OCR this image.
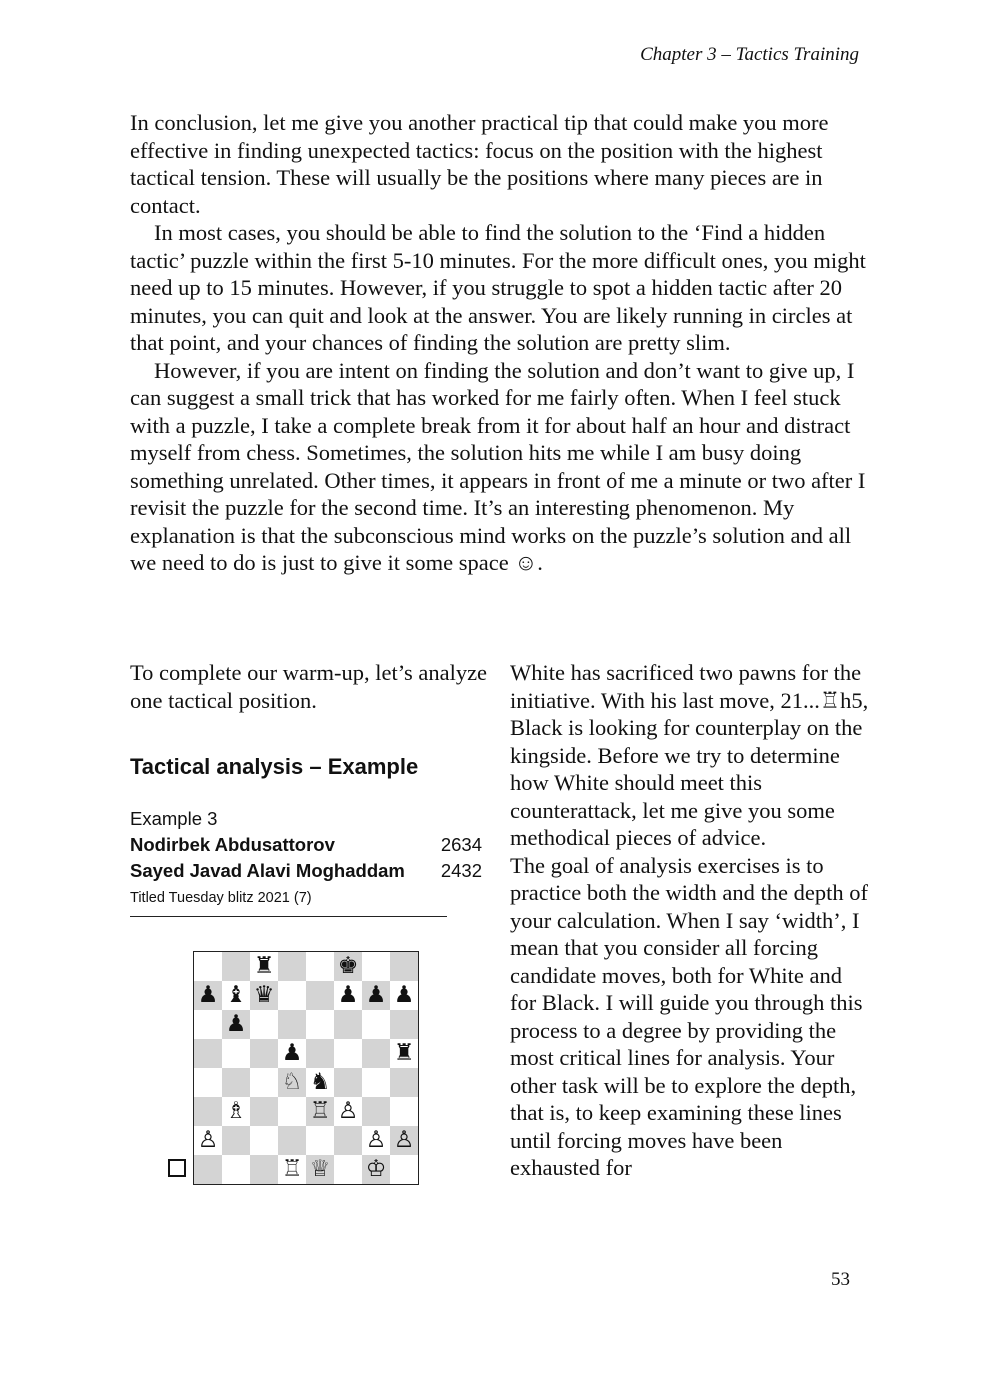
Chapter 3 – Tactics Training

In conclusion, let me give you another practical tip that could make you more effective in finding unexpected tactics: focus on the position with the highest tactical tension. These will usually be the positions where many pieces are in contact.

In most cases, you should be able to find the solution to the ‘Find a hidden tactic’ puzzle within the first 5-10 minutes. For the more difficult ones, you might need up to 15 minutes. However, if you struggle to spot a hidden tactic after 20 minutes, you can quit and look at the answer. You are likely running in circles at that point, and your chances of finding the solution are pretty slim.

However, if you are intent on finding the solution and don’t want to give up, I can suggest a small trick that has worked for me fairly often. When I feel stuck with a puzzle, I take a complete break from it for about half an hour and distract myself from chess. Sometimes, the solution hits me while I am busy doing something unrelated. Other times, it appears in front of me a minute or two after I revisit the puzzle for the second time. It’s an interesting phenomenon. My explanation is that the subconscious mind works on the puzzle’s solution and all we need to do is just to give it some space ☺.

To complete our warm-up, let’s analyze one tactical position.

Tactical analysis – Example
Example 3
Nodirbek Abdusattorov	2634
Sayed Javad Alavi Moghaddam 2432
Titled Tuesday blitz 2021 (7)
♜	♚
♟ ♝ ♛	♟ ♟ ♟
♟
♟	♜
♘ ♞
♗	♖ ♙
♙	♙ ♙
♖ ♕ ♔

White has sacrificed two pawns for the initiative. With his last move, 21...♖h5, Black is looking for counterplay on the kingside. Before we try to determine how White should meet this counterattack, let me give you some methodical pieces of advice.

The goal of analysis exercises is to practice both the width and the depth of your calculation. When I say ‘width’, I mean that you consider all forcing candidate moves, both for White and for Black. I will guide you through this process to a degree by providing the most critical lines for analysis. Your other task will be to explore the depth, that is, to keep examining these lines until forcing moves have been exhausted for

53
